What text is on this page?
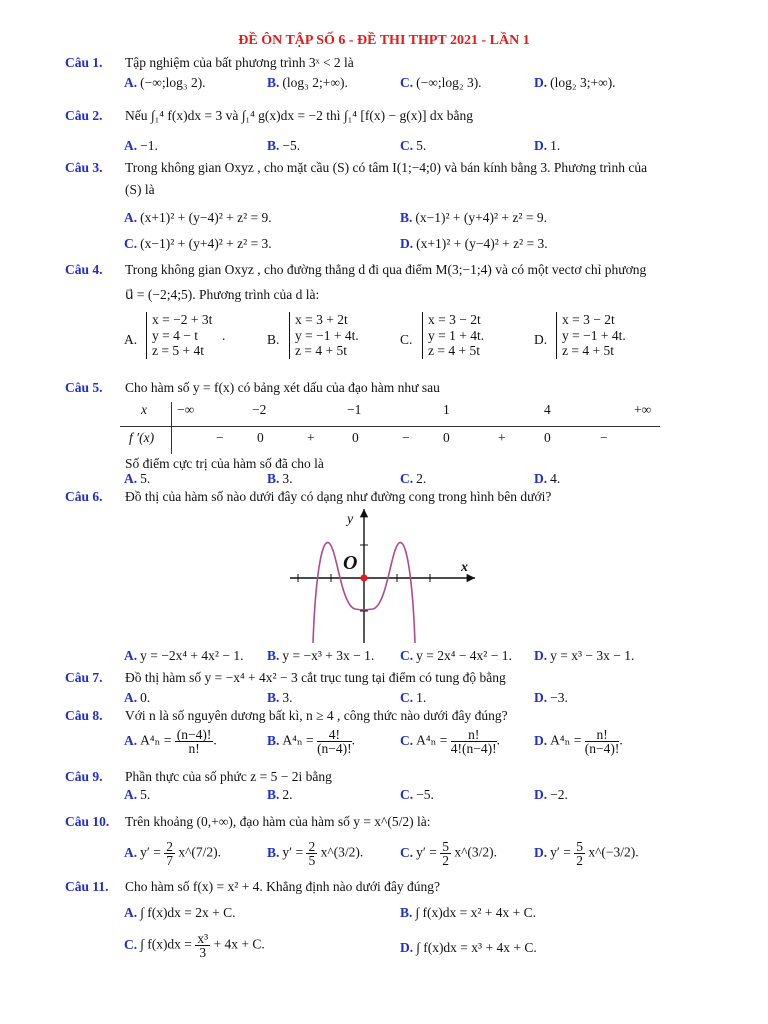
ĐỀ ÔN TẬP SỐ 6 - ĐỀ THI THPT 2021 - LẦN 1
Câu 1. Tập nghiệm của bất phương trình 3ˣ < 2 là
A. (−∞;log₃ 2).	B. (log₃ 2;+∞).	C. (−∞;log₂ 3).	D. (log₂ 3;+∞).
Câu 2. Nếu ∫₁⁴ f(x)dx = 3 và ∫₁⁴ g(x)dx = −2 thì ∫₁⁴ [f(x) − g(x)] dx bằng
A. −1.	B. −5.	C. 5.	D. 1.
Câu 3. Trong không gian Oxyz , cho mặt cầu (S) có tâm I(1;−4;0) và bán kính bằng 3. Phương trình của
(S) là
A. (x+1)² + (y−4)² + z² = 9.	B. (x−1)² + (y+4)² + z² = 9.
C. (x−1)² + (y+4)² + z² = 3.	D. (x+1)² + (y−4)² + z² = 3.
Câu 4. Trong không gian Oxyz , cho đường thẳng d đi qua điểm M(3;−1;4) và có một vectơ chỉ phương
u⃗ = (−2;4;5). Phương trình của d là:
A.
x = −2 + 3t
y = 4 − t .
z = 5 + 4t
B.
x = 3 + 2t
y = −1 + 4t.
z = 4 + 5t
C.
x = 3 − 2t
y = 1 + 4t.
z = 4 + 5t
D.
x = 3 − 2t
y = −1 + 4t.
z = 4 + 5t
Câu 5. Cho hàm số y = f(x) có bảng xét dấu của đạo hàm như sau
x −∞	−2	−1	1	4	+∞
f ′(x)	− 0	+	0	− 0	+	0	−
Số điểm cực trị của hàm số đã cho là
A. 5.	B. 3.	C. 2.	D. 4.
Câu 6. Đồ thị của hàm số nào dưới đây có dạng như đường cong trong hình bên dưới?
O
y
x
A. y = −2x⁴ + 4x² − 1. B. y = −x³ + 3x − 1. C. y = 2x⁴ − 4x² − 1. D. y = x³ − 3x − 1.
Câu 7. Đồ thị hàm số y = −x⁴ + 4x² − 3 cắt trục tung tại điểm có tung độ bằng
A. 0.	B. 3.	C. 1.	D. −3.
Câu 8. Với n là số nguyên dương bất kì, n ≥ 4 , công thức nào dưới đây đúng?
A. $A^4_n = \frac{(n-4)!}{n!}$ .	B. $A^4_n = \frac{4!}{(n-4)!}$ .	C. $A^4_n = \frac{n!}{4!(n-4)!}$ .	D. $A^4_n = \frac{n!}{(n-4)!}$ .
Câu 9. Phần thực của số phức z = 5 − 2i bằng
A. 5.	B. 2.	C. −5.	D. −2.
Câu 10. Trên khoảng (0,+∞), đạo hàm của hàm số y = x^(5/2) là:
A. $y' = \frac{2}{7}$ x^(7/2).	B. $y' = \frac{2}{5}$ x^(3/2).	C. $y' = \frac{5}{2}$ x^(3/2).	D. $y' = \frac{5}{2}$ x^(−3/2).
Câu 11. Cho hàm số f(x) = x² + 4. Khẳng định nào dưới đây đúng?
A. ∫ f(x)dx = 2x + C.	B. ∫ f(x)dx = x² + 4x + C.
C. ∫ $f(x)dx = \frac{\text{x³}}{3} + 4x + C$.	D. ∫ f(x)dx = x³ + 4x + C.
